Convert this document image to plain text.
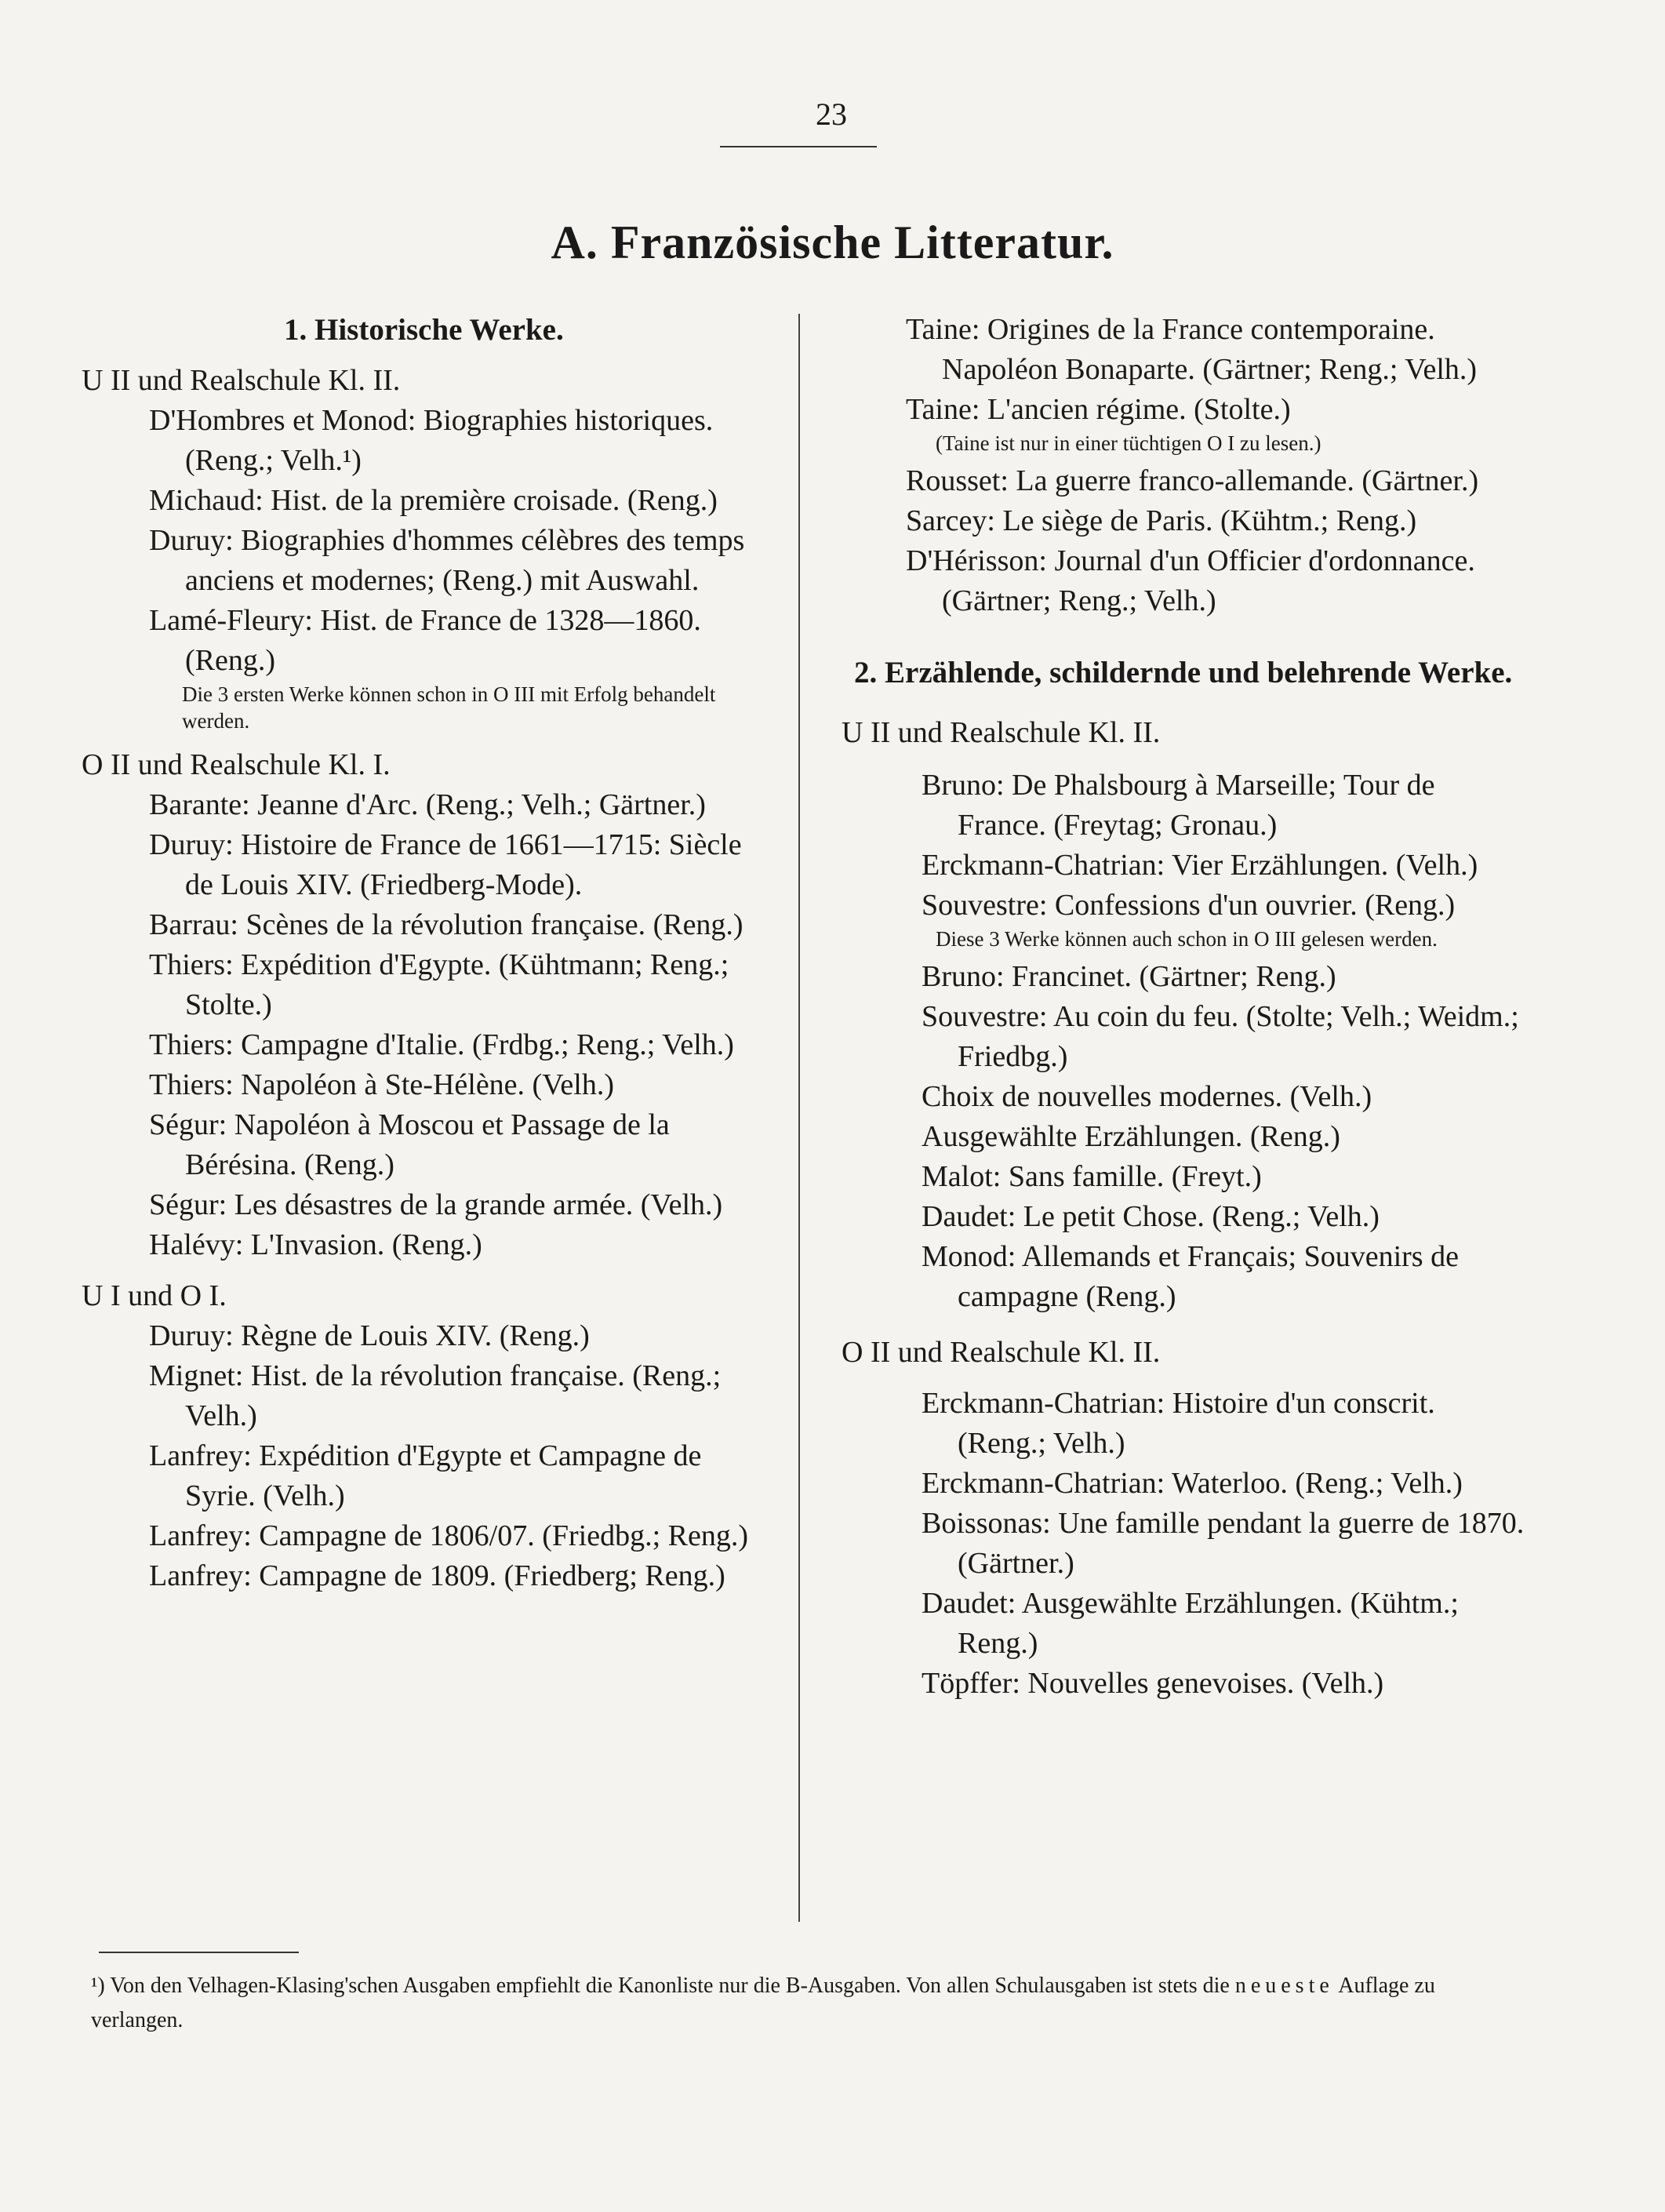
23
A. Französische Litteratur.
1. Historische Werke.
U II und Realschule Kl. II.
D'Hombres et Monod: Biographies historiques. (Reng.; Velh.¹)
Michaud: Hist. de la première croisade. (Reng.)
Duruy: Biographies d'hommes célèbres des temps anciens et modernes; (Reng.) mit Auswahl.
Lamé-Fleury: Hist. de France de 1328—1860. (Reng.)
Die 3 ersten Werke können schon in O III mit Erfolg behandelt werden.
O II und Realschule Kl. I.
Barante: Jeanne d'Arc. (Reng.; Velh.; Gärtner.)
Duruy: Histoire de France de 1661—1715: Siècle de Louis XIV. (Friedberg-Mode).
Barrau: Scènes de la révolution française. (Reng.)
Thiers: Expédition d'Egypte. (Kühtmann; Reng.; Stolte.)
Thiers: Campagne d'Italie. (Frdbg.; Reng.; Velh.)
Thiers: Napoléon à Ste-Hélène. (Velh.)
Ségur: Napoléon à Moscou et Passage de la Bérésina. (Reng.)
Ségur: Les désastres de la grande armée. (Velh.)
Halévy: L'Invasion. (Reng.)
U I und O I.
Duruy: Règne de Louis XIV. (Reng.)
Mignet: Hist. de la révolution française. (Reng.; Velh.)
Lanfrey: Expédition d'Egypte et Campagne de Syrie. (Velh.)
Lanfrey: Campagne de 1806/07. (Friedbg.; Reng.)
Lanfrey: Campagne de 1809. (Friedberg; Reng.)
Taine: Origines de la France contemporaine. Napoléon Bonaparte. (Gärtner; Reng.; Velh.)
Taine: L'ancien régime. (Stolte.)
(Taine ist nur in einer tüchtigen O I zu lesen.)
Rousset: La guerre franco-allemande. (Gärtner.)
Sarcey: Le siège de Paris. (Kühtm.; Reng.)
D'Hérisson: Journal d'un Officier d'ordonnance. (Gärtner; Reng.; Velh.)
2. Erzählende, schildernde und belehrende Werke.
U II und Realschule Kl. II.
Bruno: De Phalsbourg à Marseille; Tour de France. (Freytag; Gronau.)
Erckmann-Chatrian: Vier Erzählungen. (Velh.)
Souvestre: Confessions d'un ouvrier. (Reng.)
Diese 3 Werke können auch schon in O III gelesen werden.
Bruno: Francinet. (Gärtner; Reng.)
Souvestre: Au coin du feu. (Stolte; Velh.; Weidm.; Friedbg.)
Choix de nouvelles modernes. (Velh.)
Ausgewählte Erzählungen. (Reng.)
Malot: Sans famille. (Freyt.)
Daudet: Le petit Chose. (Reng.; Velh.)
Monod: Allemands et Français; Souvenirs de campagne (Reng.)
O II und Realschule Kl. II.
Erckmann-Chatrian: Histoire d'un conscrit. (Reng.; Velh.)
Erckmann-Chatrian: Waterloo. (Reng.; Velh.)
Boissonas: Une famille pendant la guerre de 1870. (Gärtner.)
Daudet: Ausgewählte Erzählungen. (Kühtm.; Reng.)
Töpffer: Nouvelles genevoises. (Velh.)
¹) Von den Velhagen-Klasing'schen Ausgaben empfiehlt die Kanonliste nur die B-Ausgaben. Von allen Schulausgaben ist stets die neueste Auflage zu verlangen.
